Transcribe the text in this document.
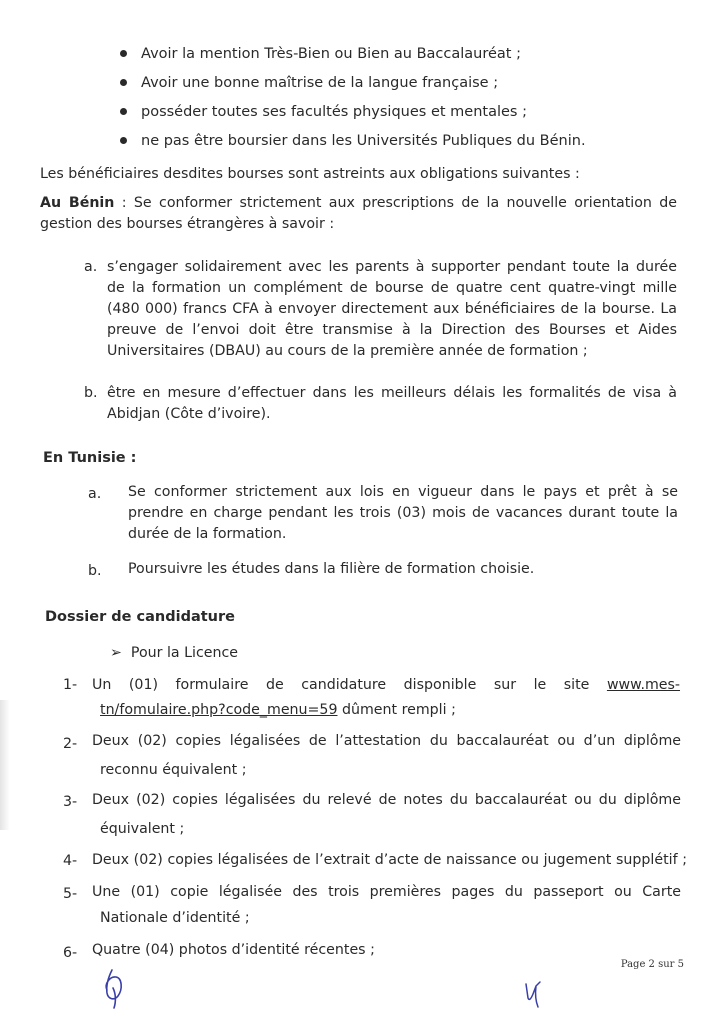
Avoir la mention Très-Bien ou Bien au Baccalauréat ;
Avoir une bonne maîtrise de la langue française ;
posséder toutes ses facultés physiques et mentales ;
ne pas être boursier dans les Universités Publiques du Bénin.
Les bénéficiaires desdites bourses sont astreints aux obligations suivantes :
Au Bénin : Se conformer strictement aux prescriptions de la nouvelle orientation de
gestion des bourses étrangères à savoir :
a. s’engager solidairement avec les parents à supporter pendant toute la durée
de la formation un complément de bourse de quatre cent quatre-vingt mille
(480 000) francs CFA à envoyer directement aux bénéficiaires de la bourse. La
preuve de l’envoi doit être transmise à la Direction des Bourses et Aides
Universitaires (DBAU) au cours de la première année de formation ;
b. être en mesure d’effectuer dans les meilleurs délais les formalités de visa à
Abidjan (Côte d’ivoire).
En Tunisie :
a. Se conformer strictement aux lois en vigueur dans le pays et prêt à se
prendre en charge pendant les trois (03) mois de vacances durant toute la
durée de la formation.
b. Poursuivre les études dans la filière de formation choisie.
Dossier de candidature
➢ Pour la Licence
1- Un (01) formulaire de candidature disponible sur le site www.mes-
tn/fomulaire.php?code_menu=59 dûment rempli ;
2- Deux (02) copies légalisées de l’attestation du baccalauréat ou d’un diplôme
reconnu équivalent ;
3- Deux (02) copies légalisées du relevé de notes du baccalauréat ou du diplôme
équivalent ;
4- Deux (02) copies légalisées de l’extrait d’acte de naissance ou jugement supplétif ;
5- Une (01) copie légalisée des trois premières pages du passeport ou Carte
Nationale d’identité ;
6- Quatre (04) photos d’identité récentes ;
Page 2 sur 5
